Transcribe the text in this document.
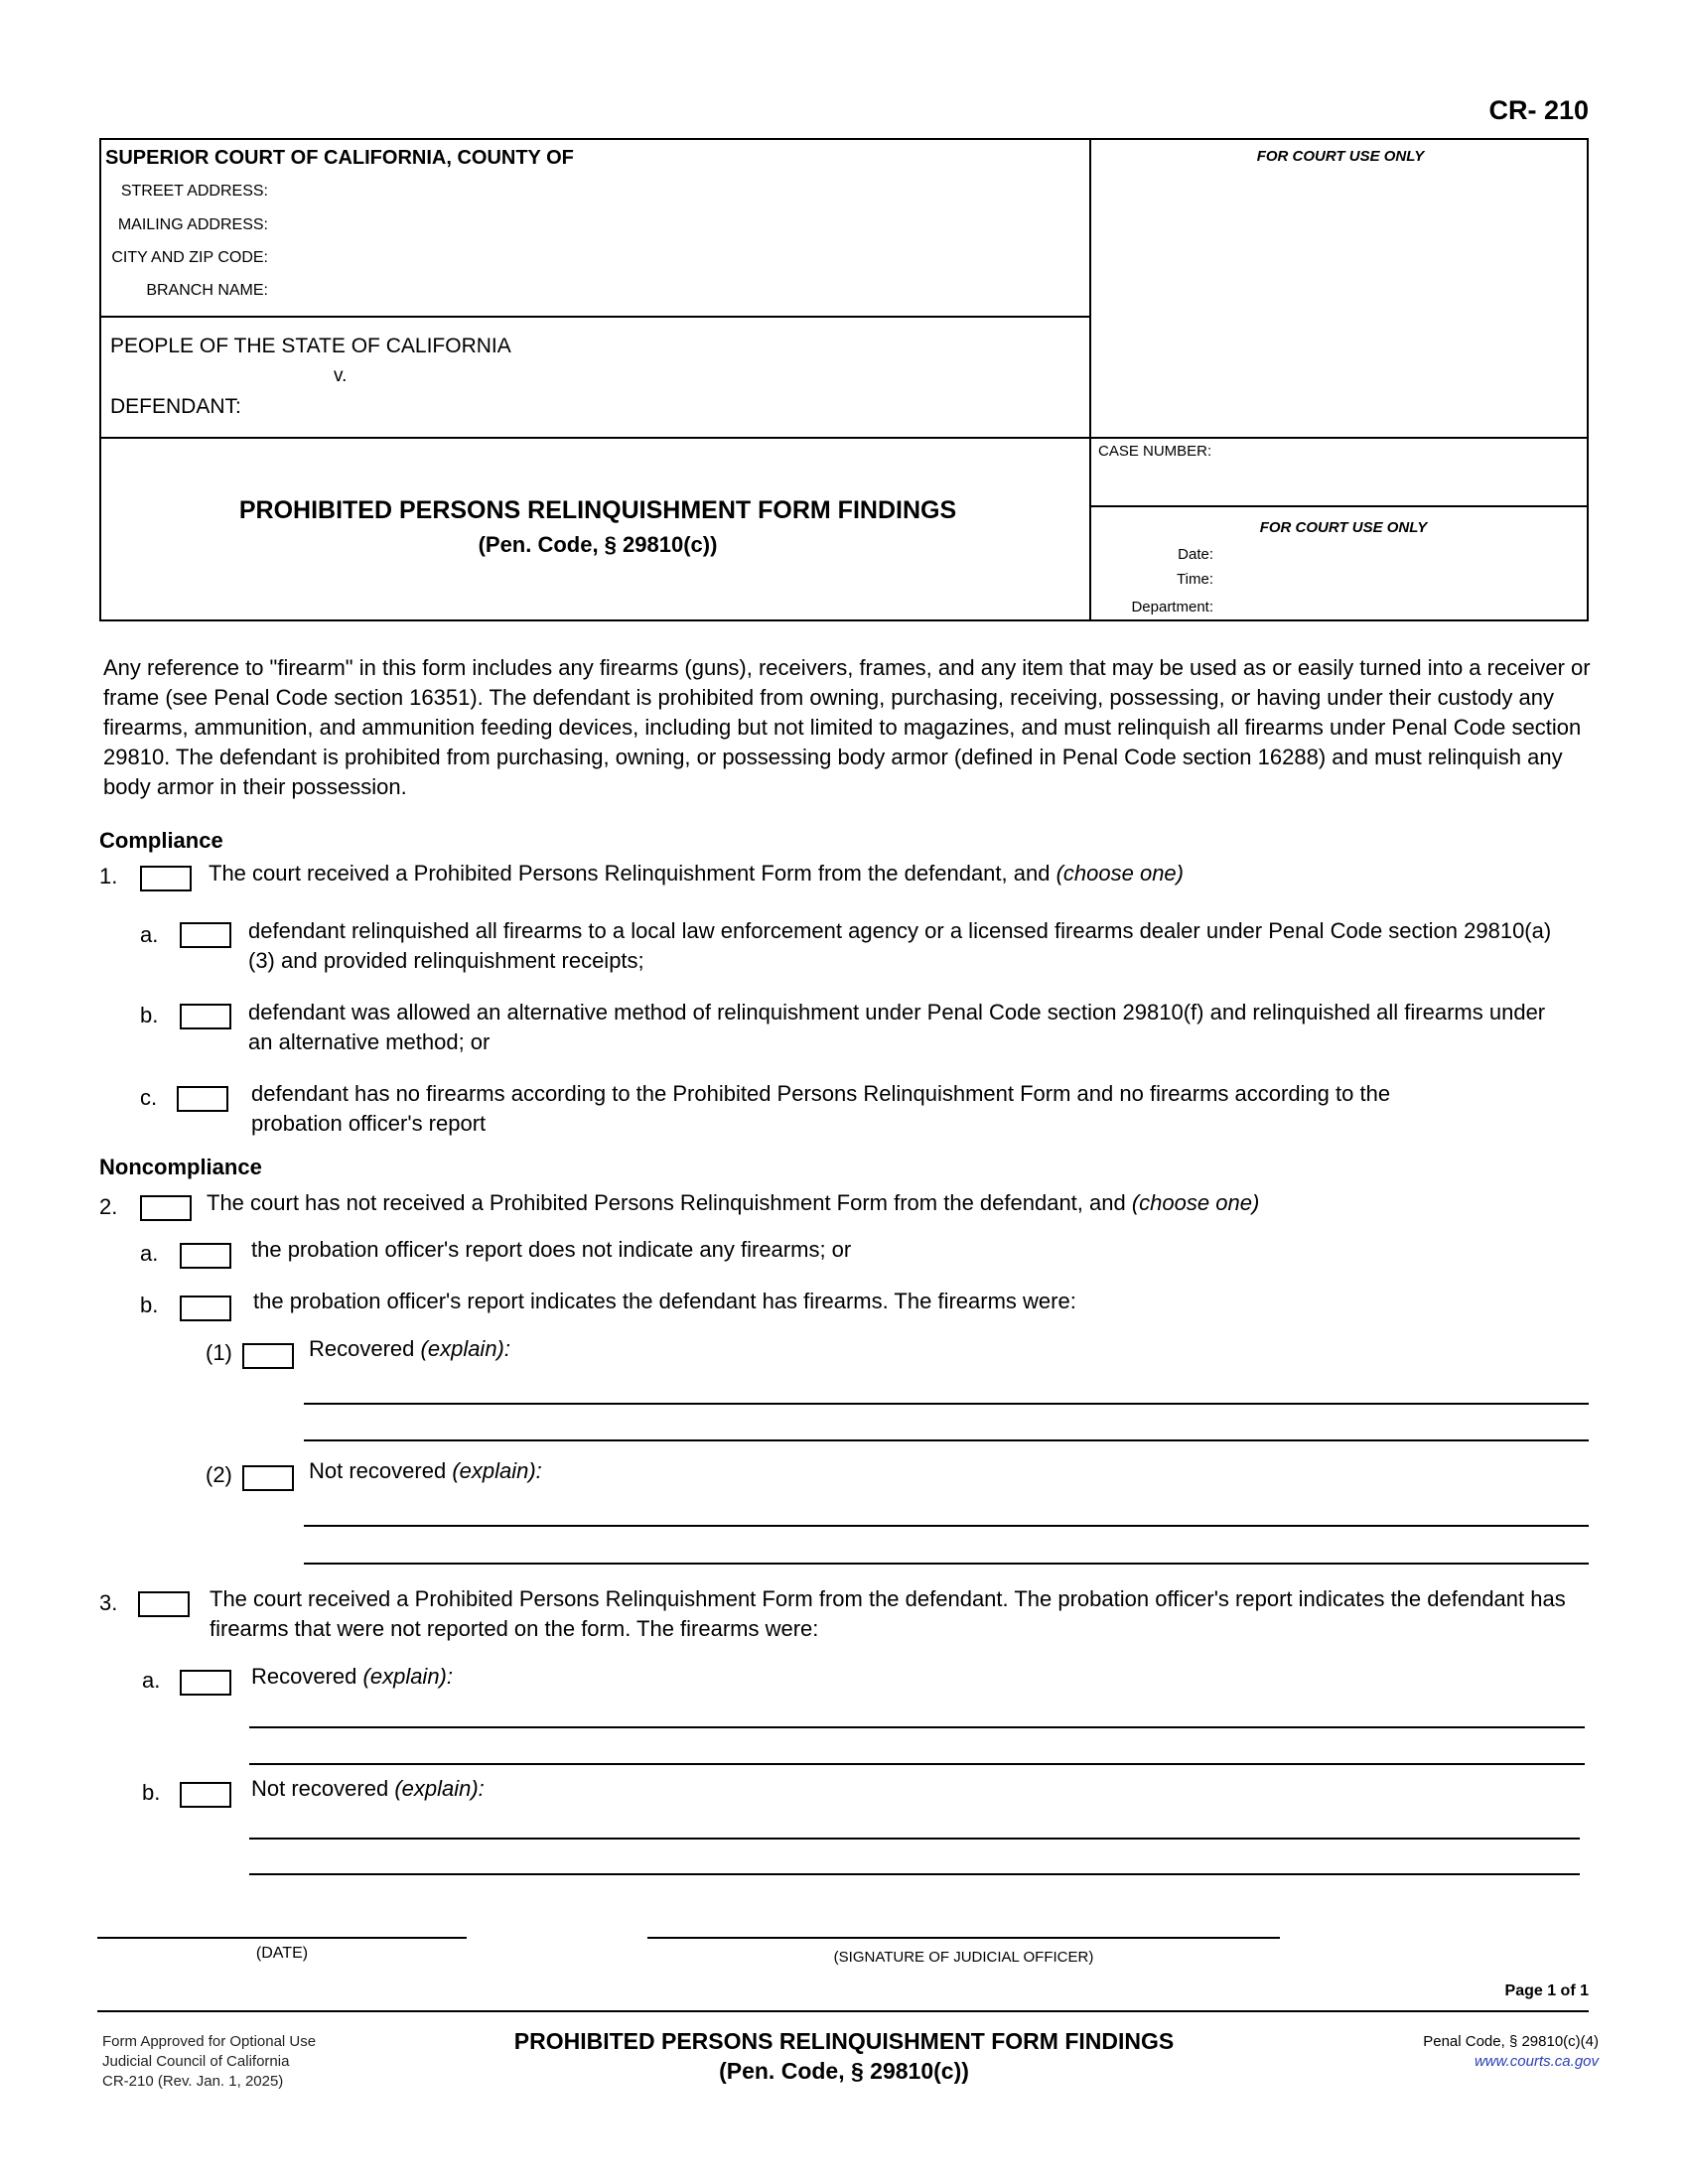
CR- 210
SUPERIOR COURT OF CALIFORNIA, COUNTY OF
STREET ADDRESS:
MAILING ADDRESS:
CITY AND ZIP CODE:
BRANCH NAME:
PEOPLE OF THE STATE OF CALIFORNIA
v.
DEFENDANT:
FOR COURT USE ONLY
CASE NUMBER:
FOR COURT USE ONLY
Date:
Time:
Department:
PROHIBITED PERSONS RELINQUISHMENT FORM FINDINGS
(Pen. Code, § 29810(c))
Any reference to "firearm" in this form includes any firearms (guns), receivers, frames, and any item that may be used as or easily turned into a receiver or frame (see Penal Code section 16351). The defendant is prohibited from owning, purchasing, receiving, possessing, or having under their custody any firearms, ammunition, and ammunition feeding devices, including but not limited to magazines, and must relinquish all firearms under Penal Code section 29810. The defendant is prohibited from purchasing, owning, or possessing body armor (defined in Penal Code section 16288) and must relinquish any body armor in their possession.
Compliance
1.	The court received a Prohibited Persons Relinquishment Form from the defendant, and (choose one)
a.	defendant relinquished all firearms to a local law enforcement agency or a licensed firearms dealer under Penal Code section 29810(a)(3) and provided relinquishment receipts;
b.	defendant was allowed an alternative method of relinquishment under Penal Code section 29810(f) and relinquished all firearms under an alternative method; or
c.	defendant has no firearms according to the Prohibited Persons Relinquishment Form and no firearms according to the probation officer's report
Noncompliance
2.	The court has not received a Prohibited Persons Relinquishment Form from the defendant, and (choose one)
a.	the probation officer's report does not indicate any firearms; or
b.	the probation officer's report indicates the defendant has firearms. The firearms were:
(1)	Recovered (explain):
(2)	Not recovered (explain):
3.	The court received a Prohibited Persons Relinquishment Form from the defendant. The probation officer's report indicates the defendant has firearms that were not reported on the form. The firearms were:
a.	Recovered (explain):
b.	Not recovered (explain):
(DATE)	(SIGNATURE OF JUDICIAL OFFICER)
Page 1 of 1
Form Approved for Optional Use
Judicial Council of California
CR-210 (Rev. Jan. 1, 2025)
PROHIBITED PERSONS RELINQUISHMENT FORM FINDINGS
(Pen. Code, § 29810(c))
Penal Code, § 29810(c)(4)
www.courts.ca.gov
